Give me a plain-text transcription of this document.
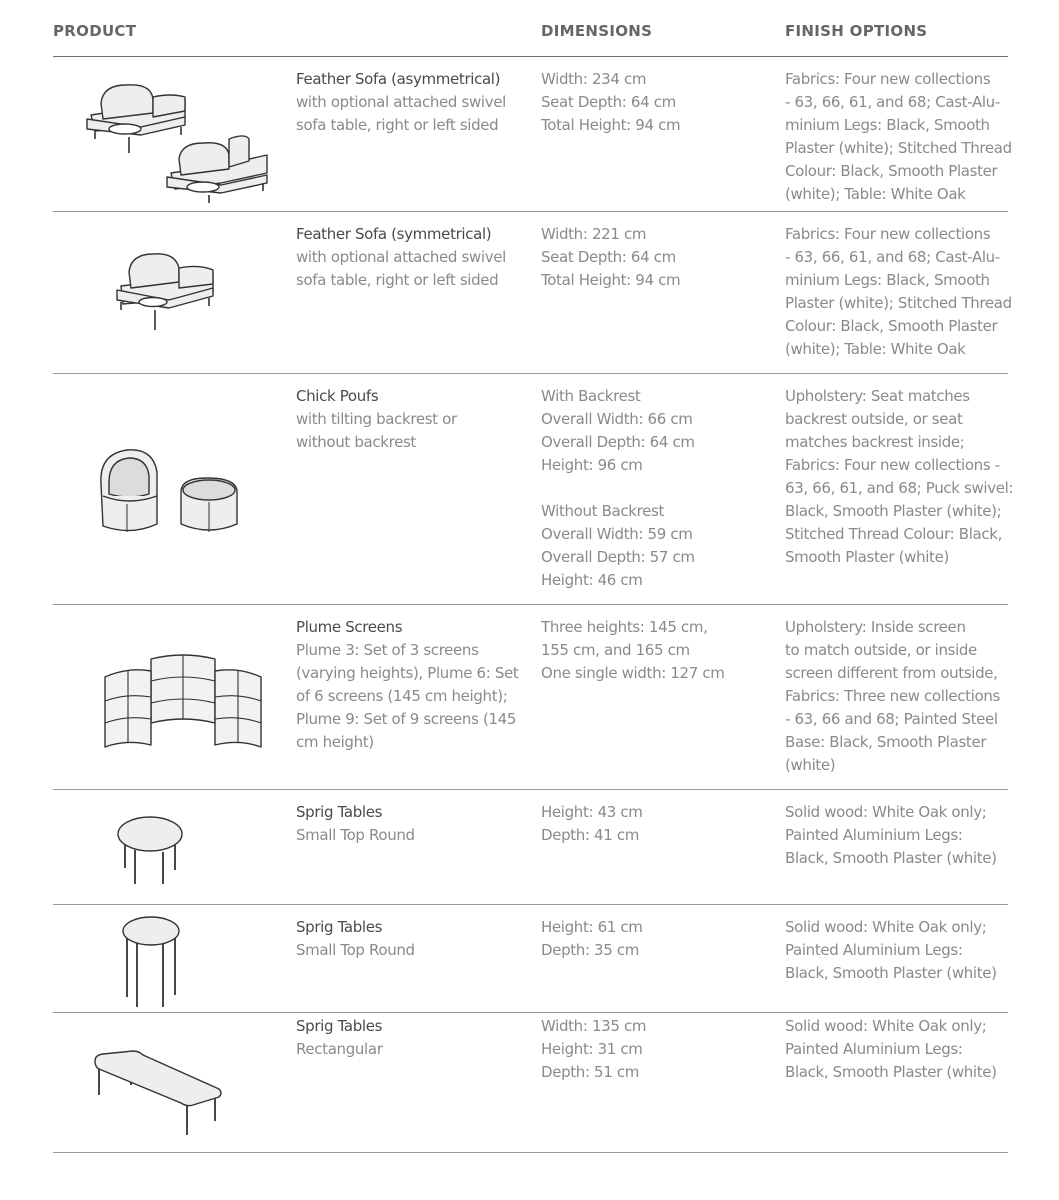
PRODUCT	DIMENSIONS	FINISH OPTIONS
Feather Sofa (asymmetrical)
with optional attached swivel
sofa table, right or left sided
Width: 234 cm
Seat Depth: 64 cm
Total Height: 94 cm
Fabrics: Four new collections
- 63, 66, 61, and 68; Cast-Alu-
minium Legs: Black, Smooth
Plaster (white); Stitched Thread
Colour: Black, Smooth Plaster
(white); Table: White Oak
Feather Sofa (symmetrical)
with optional attached swivel
sofa table, right or left sided
Width: 221 cm
Seat Depth: 64 cm
Total Height: 94 cm
Fabrics: Four new collections
- 63, 66, 61, and 68; Cast-Alu-
minium Legs: Black, Smooth
Plaster (white); Stitched Thread
Colour: Black, Smooth Plaster
(white); Table: White Oak
Chick Poufs
with tilting backrest or
without backrest
With Backrest
Overall Width: 66 cm
Overall Depth: 64 cm
Height: 96 cm
Without Backrest
Overall Width: 59 cm
Overall Depth: 57 cm
Height: 46 cm
Upholstery: Seat matches
backrest outside, or seat
matches backrest inside;
Fabrics: Four new collections -
63, 66, 61, and 68; Puck swivel:
Black, Smooth Plaster (white);
Stitched Thread Colour: Black,
Smooth Plaster (white)
Plume Screens
Plume 3: Set of 3 screens
(varying heights), Plume 6: Set
of 6 screens (145 cm height);
Plume 9: Set of 9 screens (145
cm height)
Three heights: 145 cm,
155 cm, and 165 cm
One single width: 127 cm
Upholstery: Inside screen
to match outside, or inside
screen different from outside,
Fabrics: Three new collections
- 63, 66 and 68; Painted Steel
Base: Black, Smooth Plaster
(white)
Sprig Tables
Small Top Round
Height: 43 cm
Depth: 41 cm
Solid wood: White Oak only;
Painted Aluminium Legs:
Black, Smooth Plaster (white)
Sprig Tables
Small Top Round
Height: 61 cm
Depth: 35 cm
Solid wood: White Oak only;
Painted Aluminium Legs:
Black, Smooth Plaster (white)
Sprig Tables
Rectangular
Width: 135 cm
Height: 31 cm
Depth: 51 cm
Solid wood: White Oak only;
Painted Aluminium Legs:
Black, Smooth Plaster (white)
